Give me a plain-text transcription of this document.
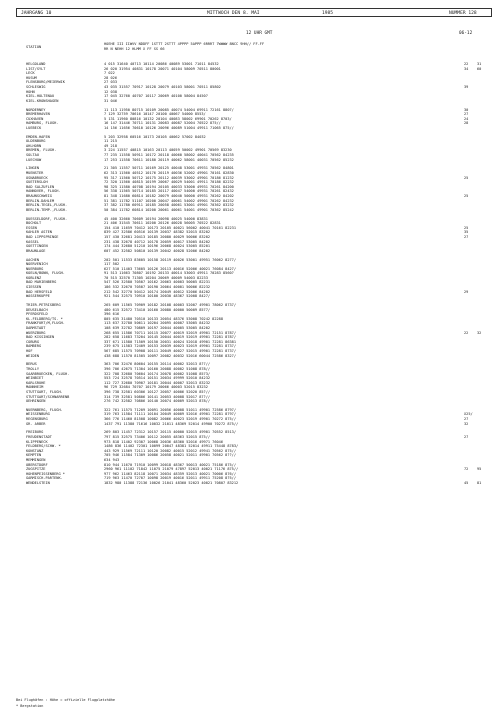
JAHRGANG 10	MITTWOCH DEN 8. MAI	1985	NUMMER 128
12 UHR GMT	06-12
STATION
HOEHE III IIWVV NDDFF 1STTT 2STTT 4PPPP 5APPP 6RRRT 7WWWW 8NCC 9HH// FF-FF
RR N NEHH 12 HLMM X FF SS 66
HELGOLAND	4 015 31640 40713 10114 20086 40089 53001 71011 84532	22 31
LIST/SYLT	26 020 31954 40831 10178 20071 40104 58009 70511 80001	34 60
LECK	7 022
HUSUM	28 026
FLENSBURG/MEIERWIK	27 033
SCHLESWIG	43 035 31557 70917 10128 20079 40103 58001 70511 85802	39
HOHN	12 038
KIEL-HOLTENAU	17 045 32760 40707 10117 20069 40100 58004 8450?
KIEL-KRONSHAGEN	31 046
NORDERNEY	11 113 11950 80715 10109 20085 40074 54004 69911 72161 8807/	30
BREMERHAVEN	7 129 32759 70616 10147 20100 40067 54000 8553/	27
CUXHAVEN	5 131 11960 80816 10132 20104 40083 58002 69901 70262 8703/	24
HAMBURG, FLUGH.	16 147 31446 70711 10131 20083 40087 52004 70522 875//	28
LUEBECK	14 156 11656 70610 10126 20096 40089 51004 49911 71065 875//
EMDEN-HAFEN	5 203 32958 60516 10173 20105 40062 57002 84032
OLDENBURG	11 215
AHLHORN	49 218
BREMEN, FLUGH.	3 224 11557 40815 10163 20113 40059 50002 49901 70569 83230
SOLTAU	77 235 11558 50911 10172 20118 40060 58002 40041 70562 84235
LUECHOW	17 253 11558 70611 10180 20119 40062 58001 40031 70562 85232
LINGEN	21 305 11557 50711 10169 20125 40048 53001 49931 70562 84801
MUENSTER	62 313 11560 40512 10176 20119 40036 52002 49901 70161 82830
OSNABRUECK	95 317 11560 50712 10175 20112 40039 53002 49901 70186 81232	25
GUETERSLOH	72 320 11560 40815 10199 20067 40029 54001 49911 70186 82232
BAD SALZUFLEN	98 325 11580 40708 10194 20105 40033 53000 49931 70261 84200
HANNOVER, FLUGH.	56 338 11565 50714 10185 20117 40047 54000 49931 70261 82432
BRAUNSCHWEIG	81 348 11680 60814 10182 20079 40040 50000 49931 70262 84202	25
BERLIN-DAHLEM	51 381 11782 51107 10200 20047 40061 54002 49901 70262 84232
BERLIN-TEGEL,FLUGH.	37 382 11780 60911 10185 20058 40061 53001 49901 70362 83232
BERLIN-TEMP.,FLUGH.	50 384 11782 60814 10200 20061 40061 54001 49901 70362 85242
DUESSELDORF, FLUGH.	45 400 32660 70609 10194 20098 40025 54000 83831
BOCHOLT	21 406 31545 70611 10200 20126 40028 56005 70522 82831
ESSEN	154 410 11659 70412 10173 20105 40021 56002 40041 70161 82231	25
KAHLER ASTEN	839 427 32586 60516 10139 20037 48382 52015 83202	35
BAD LIPPSPRINGE	157 430 32681 20413 10185 20080 40029 50006 83202	27
KASSEL	231 438 32678 40712 10178 20059 40017 53005 84202
GOETTINGEN	174 444 32680 51210 10196 20068 40024 53005 85201
BRAUNLAGE	607 452 32582 50810 10139 20042 40028 52006 84202
AACHEN	202 501 11533 83605 10158 20119 40026 53001 49951 76062 8277/
NOERVENICH	117 502
NUERBURG	627 510 11403 73605 10126 20113 40016 52006 40021 76084 8427/
KOELN/BONN, FLUGH.	91 513 11663 70807 10192 20133 40014 53003 49911 70283 8560?
KOBLENZ	70 515 32570 71305 10204 20069 40009 54003 82233
BAD MARIENBERG	547 526 32580 70507 10162 20063 40003 50005 82231
GIESSEN	186 532 32670 70507 10190 20064 40001 50006 82232
BAD HERSFELD	212 542 32770 50412 10174 20049 40012 52006 84202	29
WASSERKUPPE	921 544 32575 70910 10100 20030 48367 52008 8427/
TRIER-PETRISBERG	265 609 11565 70909 10182 20108 40003 52007 49901 78062 8737/
DEUSELBACH	480 615 32572 73410 10160 20080 40000 50009 8577/
PFERDSFELD	396 616
KL.FELDBERG/TS. *	805 635 31480 70510 10133 20054 48376 53008 70242 82288
FRANKFURT/M,FLUGH.	113 637 32780 50611 10204 20095 40007 53005 84232
DARMSTADT	108 639 32782 70809 10197 20044 40005 53005 84202
WUERZBURG	268 655 11586 70711 10115 20077 40019 52019 49901 72151 8787/	22 32
BAD KISSINGEN	282 658 11683 73204 10145 20044 40019 52019 49901 72281 8787/
COBURG	337 671 11580 71509 10150 20031 40024 52018 49901 72281 86381
BAMBERG	239 675 11583 72409 10153 20039 40023 52019 49901 72281 8737/
HOF	567 685 11575 70908 10111 20049 40027 52015 49901 72281 8737/
WEIDEN	438 688 11570 81505 10097 20082 40032 52016 60044 72586 8327/
BERUS	363 706 32476 80604 10155 20114 40002 52013 8?7//
TROLLY	396 706 42675 71304 10160 20088 40002 51008 878//
SAARBRUECKEN, FLUGH.	322 708 32680 70604 10174 20078 40002 51008 8573/
WEINBIET	553 724 32578 70514 10151 20034 49999 52010 84232
KARLSRUHE	112 727 32680 70907 10181 20044 40007 52013 83232
MANNHEIM	96 729 32684 70707 10179 20066 40003 52015 83232
STUTTGART, FLUGH.	396 738 32581 60306 10127 20057 40006 52020 85?//
STUTTGART/SCHNARRENB	314 739 32581 50806 10141 20053 40008 52017 87?//
OEHRINGEN	276 742 32582 70806 10140 20074 40009 52013 878//
NUERNBERG, FLUGH.	322 761 11575 71209 10091 20056 40008 51011 49901 72586 8797/
WEISSENBURG	319 763 11584 71111 10104 20049 40009 52016 49901 72281 8797/	X25/
REGENSBURG	366 776 11460 81508 10082 20066 40023 52019 49901 70272 875//	27
GR. ARBER	1437 791 11380 71616 10032 21011 48369 52014 49900 70272 875//	32
FREIBURG	269 803 11457 72312 10157 20115 40000 52015 49901 70552 8513/
FREUDENSTADT	797 815 32575 73406 10112 20055 48363 52015 875//	27
KLIPPENECK	973 818 11402 92307 10068 20036 48360 52016 49971 76046
FELDBERG/SCHW. *	1486 836 11402 72301 10099 20047 48381 52014 49911 75448 8783/
KONSTANZ	443 929 11569 72111 10120 20082 40015 52012 49941 70562 875//
KEMPTEN	705 946 11584 71309 10086 20058 40021 52011 49901 70562 8??//
MEMMINGEN	634 943
OBERSTDORF	810 944 11670 71910 10099 20018 48367 50013 40021 75186 875//
ZUGSPITZE	2960 961 11102 71842 11075 21079 47897 52013 40021 71176 875//	72 95
HOHENPEISSENBERG *	977 962 11463 82118 10071 20034 48359 52013 40021 70006 876//
GARMISCH-PARTENK.	719 963 11470 72707 10098 20019 40016 52011 49911 75208 8?5//
WENDELSTEIN	1832 980 11388 72136 10026 21041 48360 52023 40021 70807 83212	45 81
Bei Flughäfen : Höhe = offizielle Flugplatzhöhe
* Bergstation
